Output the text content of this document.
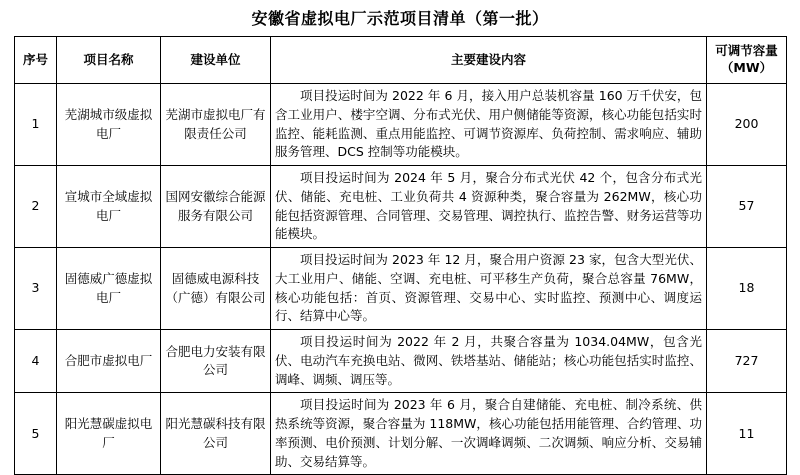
安徽省虚拟电厂示范项目清单（第一批）
序号	项目名称	建设单位	主要建设内容	可调节容量
（MW）

1	芜湖城市级虚拟电厂	芜湖市虚拟电厂有限责任公司	项目投运时间为 2022 年 6 月，接入用户总装机容量 160 万千伏安，包含工业用户、楼宇空调、分布式光伏、用户侧储能等资源，核心功能包括实时监控、能耗监测、重点用能监控、可调节资源库、负荷控制、需求响应、辅助服务管理、DCS 控制等功能模块。	200
2	宣城市全域虚拟电厂	国网安徽综合能源服务有限公司	项目投运时间为 2024 年 5 月，聚合分布式光伏 42 个，包含分布式光伏、储能、充电桩、工业负荷共 4 资源种类，聚合容量为 262MW，核心功能包括资源管理、合同管理、交易管理、调控执行、监控告警、财务运营等功能模块。	57
3	固德威广德虚拟电厂	固德威电源科技（广德）有限公司	项目投运时间为 2023 年 12 月，聚合用户资源 23 家，包含大型光伏、大工业用户、储能、空调、充电桩、可平移生产负荷，聚合总容量 76MW，核心功能包括：首页、资源管理、交易中心、实时监控、预测中心、调度运行、结算中心等。	18
4	合肥市虚拟电厂	合肥电力安装有限公司	项目投运时间为 2022 年 2 月，共聚合容量为 1034.04MW，包含光伏、电动汽车充换电站、微网、铁塔基站、储能站；核心功能包括实时监控、调峰、调频、调压等。	727
5	阳光慧碳虚拟电厂	阳光慧碳科技有限公司	项目投运时间为 2023 年 6 月，聚合自建储能、充电桩、制冷系统、供热系统等资源，聚合容量为 118MW，核心功能包括用能管理、合约管理、功率预测、电价预测、计划分解、一次调峰调频、二次调频、响应分析、交易辅助、交易结算等。	11
